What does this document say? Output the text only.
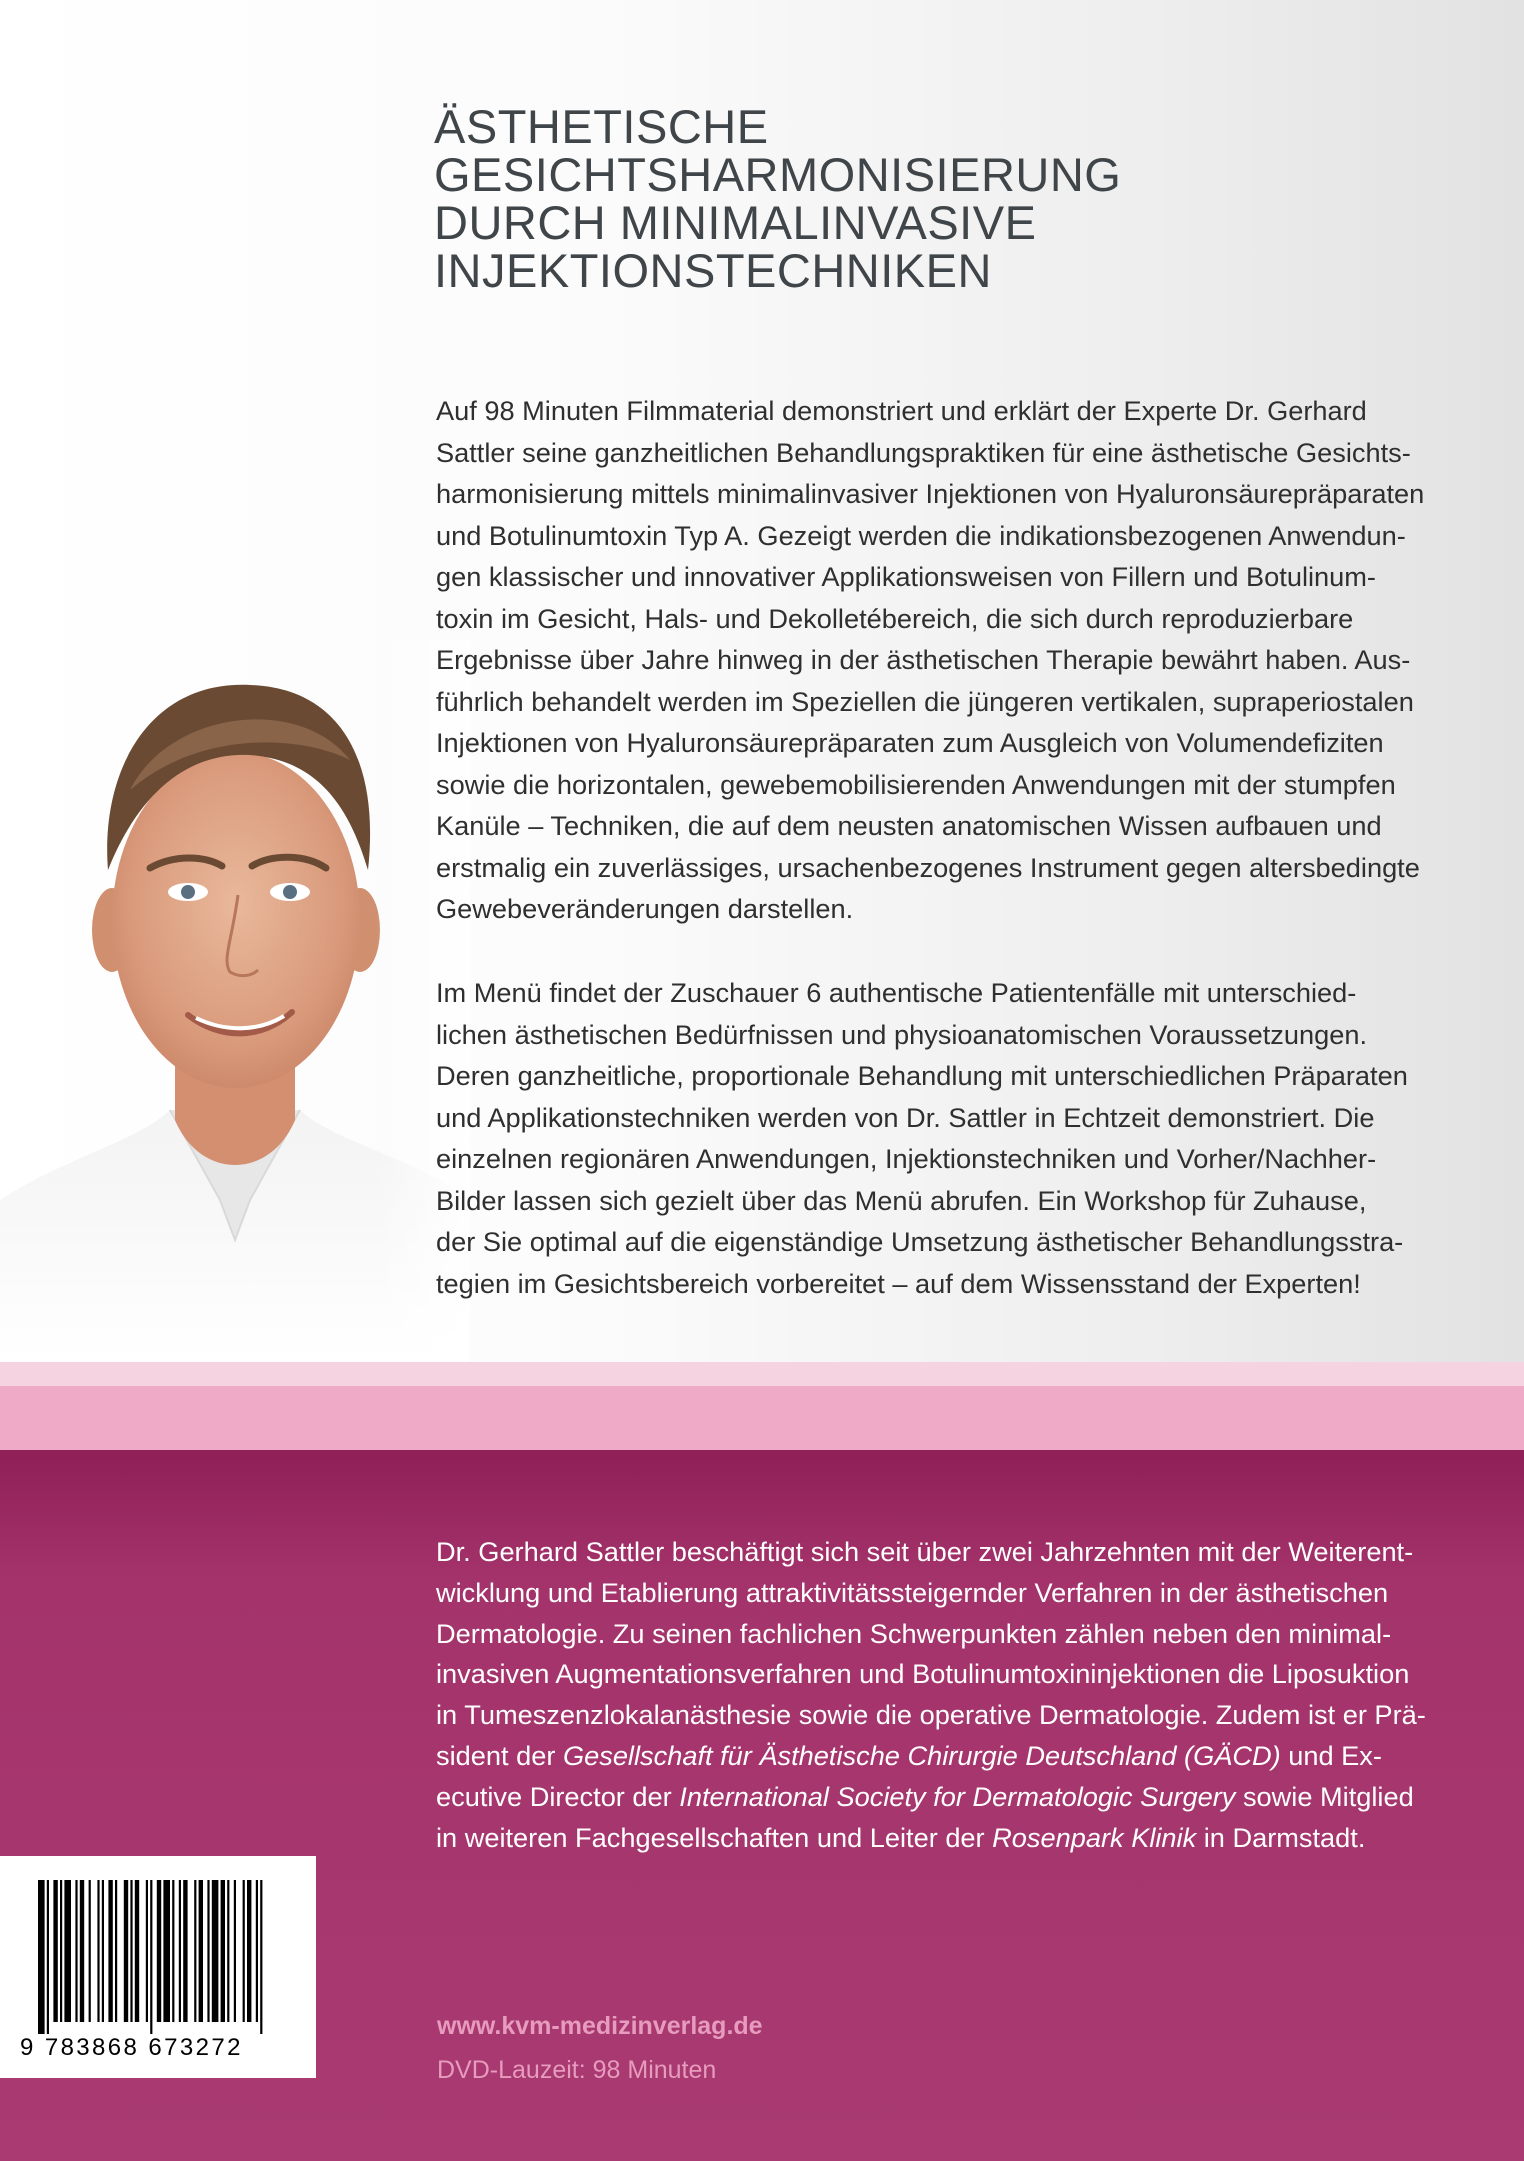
ÄSTHETISCHE
GESICHTSHARMONISIERUNG
DURCH MINIMALINVASIVE
INJEKTIONSTECHNIKEN
Auf 98 Minuten Filmmaterial demonstriert und erklärt der Experte Dr. Gerhard
Sattler seine ganzheitlichen Behandlungspraktiken für eine ästhetische Gesichts-
harmonisierung mittels minimalinvasiver Injektionen von Hyaluronsäurepräparaten
und Botulinumtoxin Typ A. Gezeigt werden die indikationsbezogenen Anwendun-
gen klassischer und innovativer Applikationsweisen von Fillern und Botulinum-
toxin im Gesicht, Hals- und Dekolletébereich, die sich durch reproduzierbare
Ergebnisse über Jahre hinweg in der ästhetischen Therapie bewährt haben. Aus-
führlich behandelt werden im Speziellen die jüngeren vertikalen, supraperiostalen
Injektionen von Hyaluronsäurepräparaten zum Ausgleich von Volumendefiziten
sowie die horizontalen, gewebemobilisierenden Anwendungen mit der stumpfen
Kanüle – Techniken, die auf dem neusten anatomischen Wissen aufbauen und
erstmalig ein zuverlässiges, ursachenbezogenes Instrument gegen altersbedingte
Gewebeveränderungen darstellen.
Im Menü findet der Zuschauer 6 authentische Patientenfälle mit unterschied-
lichen ästhetischen Bedürfnissen und physioanatomischen Voraussetzungen.
Deren ganzheitliche, proportionale Behandlung mit unterschiedlichen Präparaten
und Applikationstechniken werden von Dr. Sattler in Echtzeit demonstriert. Die
einzelnen regionären Anwendungen, Injektionstechniken und Vorher/Nachher-
Bilder lassen sich gezielt über das Menü abrufen. Ein Workshop für Zuhause,
der Sie optimal auf die eigenständige Umsetzung ästhetischer Behandlungsstra-
tegien im Gesichtsbereich vorbereitet – auf dem Wissensstand der Experten!
Dr. Gerhard Sattler beschäftigt sich seit über zwei Jahrzehnten mit der Weiterent-
wicklung und Etablierung attraktivitätssteigernder Verfahren in der ästhetischen
Dermatologie. Zu seinen fachlichen Schwerpunkten zählen neben den minimal-
invasiven Augmentationsverfahren und Botulinumtoxininjektionen die Liposuktion
in Tumeszenzlokalanästhesie sowie die operative Dermatologie. Zudem ist er Prä-
sident der Gesellschaft für Ästhetische Chirurgie Deutschland (GÄCD) und Ex-
ecutive Director der International Society for Dermatologic Surgery sowie Mitglied
in weiteren Fachgesellschaften und Leiter der Rosenpark Klinik in Darmstadt.
9 783868 673272
www.kvm-medizinverlag.de
DVD-Lauzeit: 98 Minuten
